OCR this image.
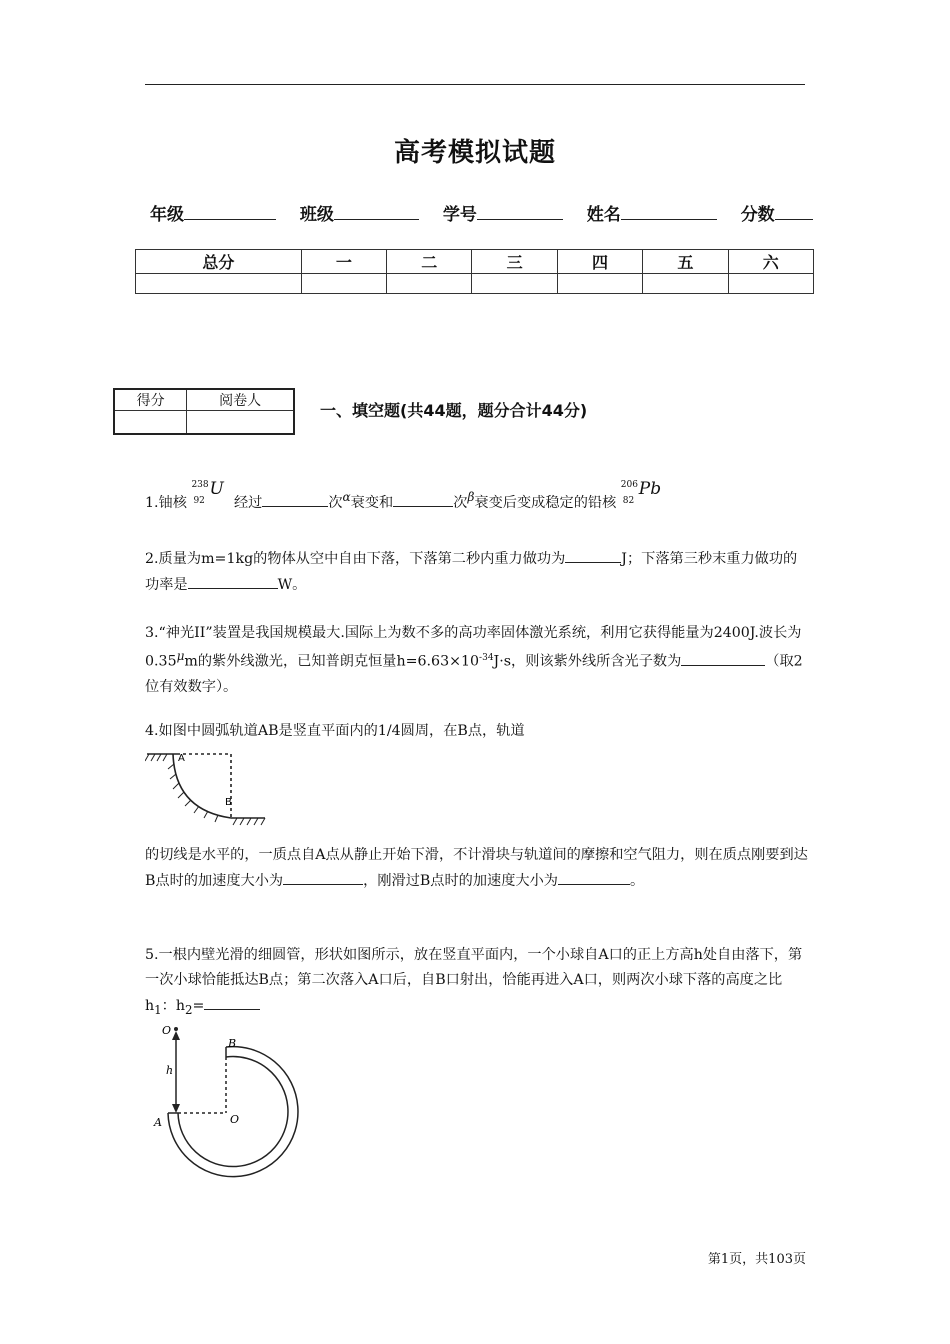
高考模拟试题
年级	班级	学号	姓名	分数
总分	一	二	三	四	五	六

得分	阅卷人
		一、填空题(共44题，题分合计44分)
1.铀核
238
92
U
经过	次$^\alpha$衰变和	次$^\beta$衰变后变成稳定的铅核
206
82
Pb
2.质量为m=1kg的物体从空中自由下落，下落第二秒内重力做功为	J；下落第三秒末重力做功的功率是	W。
3.“神光II”装置是我国规模最大.国际上为数不多的高功率固体激光系统，利用它获得能量为2400J.波长为$0.35^\mu m$的紫外线激光，已知普朗克恒量$h=6.63\times 10^{-34}J\cdot s$，则该紫外线所含光子数为	（取2位有效数字）。
4.如图中圆弧轨道AB是竖直平面内的1/4圆周，在B点，轨道
A
B
的切线是水平的，一质点自A点从静止开始下滑，不计滑块与轨道间的摩擦和空气阻力，则在质点刚要到达B点时的加速度大小为	，刚滑过B点时的加速度大小为	。
5.一根内壁光滑的细圆管，形状如图所示，放在竖直平面内，一个小球自A口的正上方高h处自由落下，第一次小球恰能抵达B点；第二次落入A口后，自B口射出，恰能再进入A口，则两次小球下落的高度之比$h_1$：$h_2=$
O
B
h
A	O
第1页，共103页
